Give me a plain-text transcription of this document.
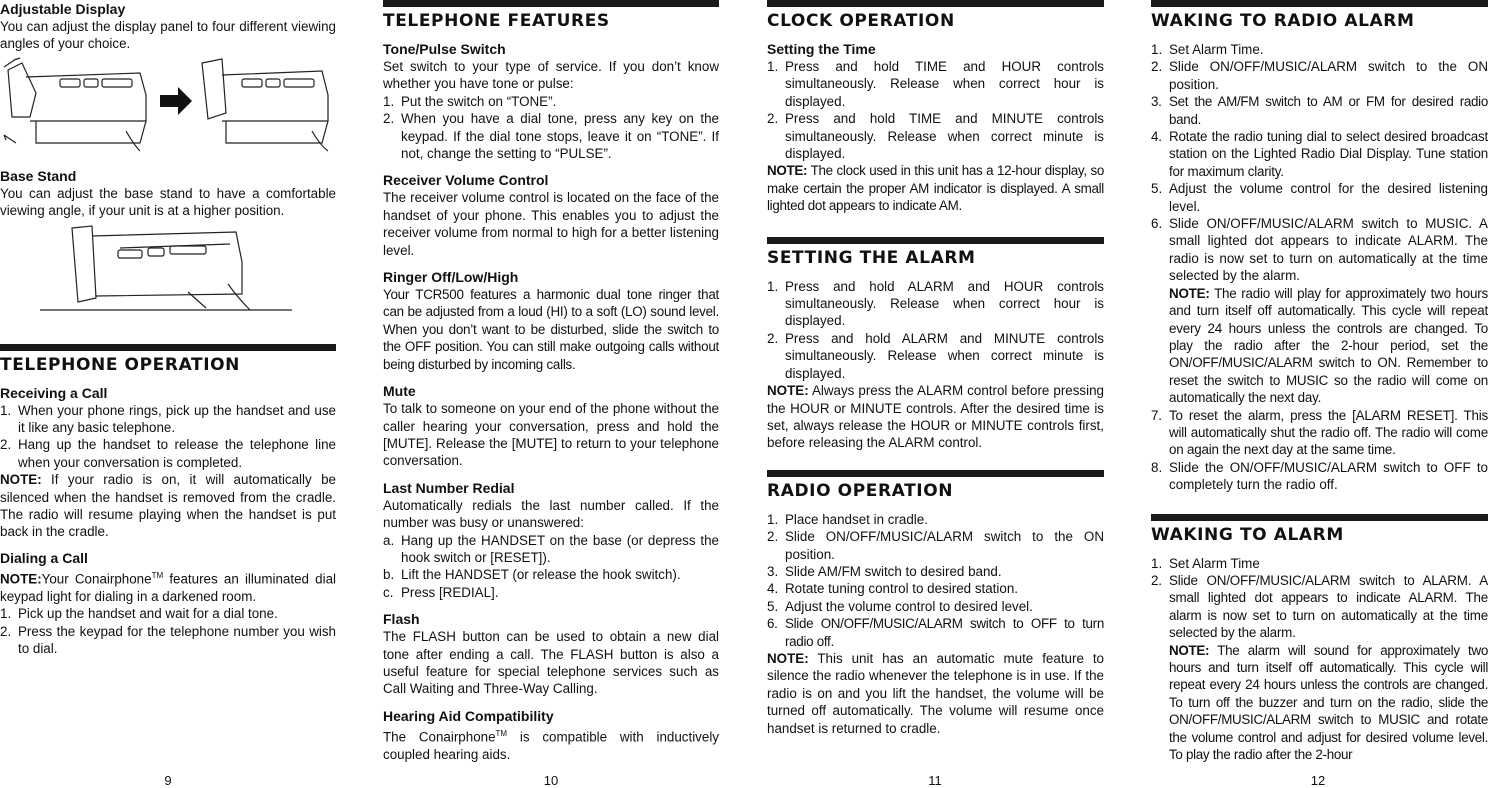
Adjustable Display

You can adjust the display panel to four different viewing angles of your choice.

Base Stand

You can adjust the base stand to have a comfortable viewing angle, if your unit is at a higher position.

TELEPHONE OPERATION

Receiving a Call

1. When your phone rings, pick up the handset and use it like any basic telephone.
2. Hang up the handset to release the telephone line when your conversation is completed.

NOTE: If your radio is on, it will automatically be silenced when the handset is removed from the cradle. The radio will resume playing when the handset is put back in the cradle.

Dialing a Call

NOTE:Your Conairphone™ features an illuminated dial keypad light for dialing in a darkened room.

1. Pick up the handset and wait for a dial tone.
2. Press the keypad for the telephone number you wish to dial.
9

TELEPHONE FEATURES

Tone/Pulse Switch

Set switch to your type of service. If you don’t know whether you have tone or pulse:

1. Put the switch on “TONE”.
2. When you have a dial tone, press any key on the keypad. If the dial tone stops, leave it on “TONE”. If not, change the setting to “PULSE”.

Receiver Volume Control

The receiver volume control is located on the face of the handset of your phone. This enables you to adjust the receiver volume from normal to high for a better listening level.

Ringer Off/Low/High

Your TCR500 features a harmonic dual tone ringer that can be adjusted from a loud (HI) to a soft (LO) sound level. When you don’t want to be disturbed, slide the switch to the OFF position. You can still make outgoing calls without being disturbed by incoming calls.

Mute

To talk to someone on your end of the phone without the caller hearing your conversation, press and hold the [MUTE]. Release the [MUTE] to return to your telephone conversation.

Last Number Redial

Automatically redials the last number called. If the number was busy or unanswered:

a. Hang up the HANDSET on the base (or depress the hook switch or [RESET]).
b. Lift the HANDSET (or release the hook switch).
c. Press [REDIAL].

Flash

The FLASH button can be used to obtain a new dial tone after ending a call. The FLASH button is also a useful feature for special telephone services such as Call Waiting and Three-Way Calling.

Hearing Aid Compatibility

The Conairphone™ is compatible with inductively coupled hearing aids.

10

CLOCK OPERATION

Setting the Time

1. Press and hold TIME and HOUR controls simultaneously. Release when correct hour is displayed.
2. Press and hold TIME and MINUTE controls simultaneously. Release when correct minute is displayed.

NOTE: The clock used in this unit has a 12-hour display, so make certain the proper AM indicator is displayed. A small lighted dot appears to indicate AM.

SETTING THE ALARM

1. Press and hold ALARM and HOUR controls simultaneously. Release when correct hour is displayed.
2. Press and hold ALARM and MINUTE controls simultaneously. Release when correct minute is displayed.

NOTE: Always press the ALARM control before pressing the HOUR or MINUTE controls. After the desired time is set, always release the HOUR or MINUTE controls first, before releasing the ALARM control.

RADIO OPERATION

1. Place handset in cradle.
2. Slide ON/OFF/MUSIC/ALARM switch to the ON position.
3. Slide AM/FM switch to desired band.
4. Rotate tuning control to desired station.
5. Adjust the volume control to desired level.
6. Slide ON/OFF/MUSIC/ALARM switch to OFF to turn radio off.

NOTE: This unit has an automatic mute feature to silence the radio whenever the telephone is in use. If the radio is on and you lift the handset, the volume will be turned off automatically. The volume will resume once handset is returned to cradle.

11

WAKING TO RADIO ALARM

1. Set Alarm Time.
2. Slide ON/OFF/MUSIC/ALARM switch to the ON position.
3. Set the AM/FM switch to AM or FM for desired radio band.
4. Rotate the radio tuning dial to select desired broadcast station on the Lighted Radio Dial Display. Tune station for maximum clarity.
5. Adjust the volume control for the desired listening level.
6. Slide ON/OFF/MUSIC/ALARM switch to MUSIC. A small lighted dot appears to indicate ALARM. The radio is now set to turn on automatically at the time selected by the alarm.
NOTE: The radio will play for approximately two hours and turn itself off automatically. This cycle will repeat every 24 hours unless the controls are changed. To play the radio after the 2-hour period, set the ON/OFF/MUSIC/ALARM switch to ON. Remember to reset the switch to MUSIC so the radio will come on automatically the next day.
7. To reset the alarm, press the [ALARM RESET]. This will automatically shut the radio off. The radio will come on again the next day at the same time.
8. Slide the ON/OFF/MUSIC/ALARM switch to OFF to completely turn the radio off.

WAKING TO ALARM

1. Set Alarm Time
2. Slide ON/OFF/MUSIC/ALARM switch to ALARM. A small lighted dot appears to indicate ALARM. The alarm is now set to turn on automatically at the time selected by the alarm.
NOTE: The alarm will sound for approximately two hours and turn itself off automatically. This cycle will repeat every 24 hours unless the controls are changed. To turn off the buzzer and turn on the radio, slide the ON/OFF/MUSIC/ALARM switch to MUSIC and rotate the volume control and adjust for desired volume level. To play the radio after the 2-hour
12
